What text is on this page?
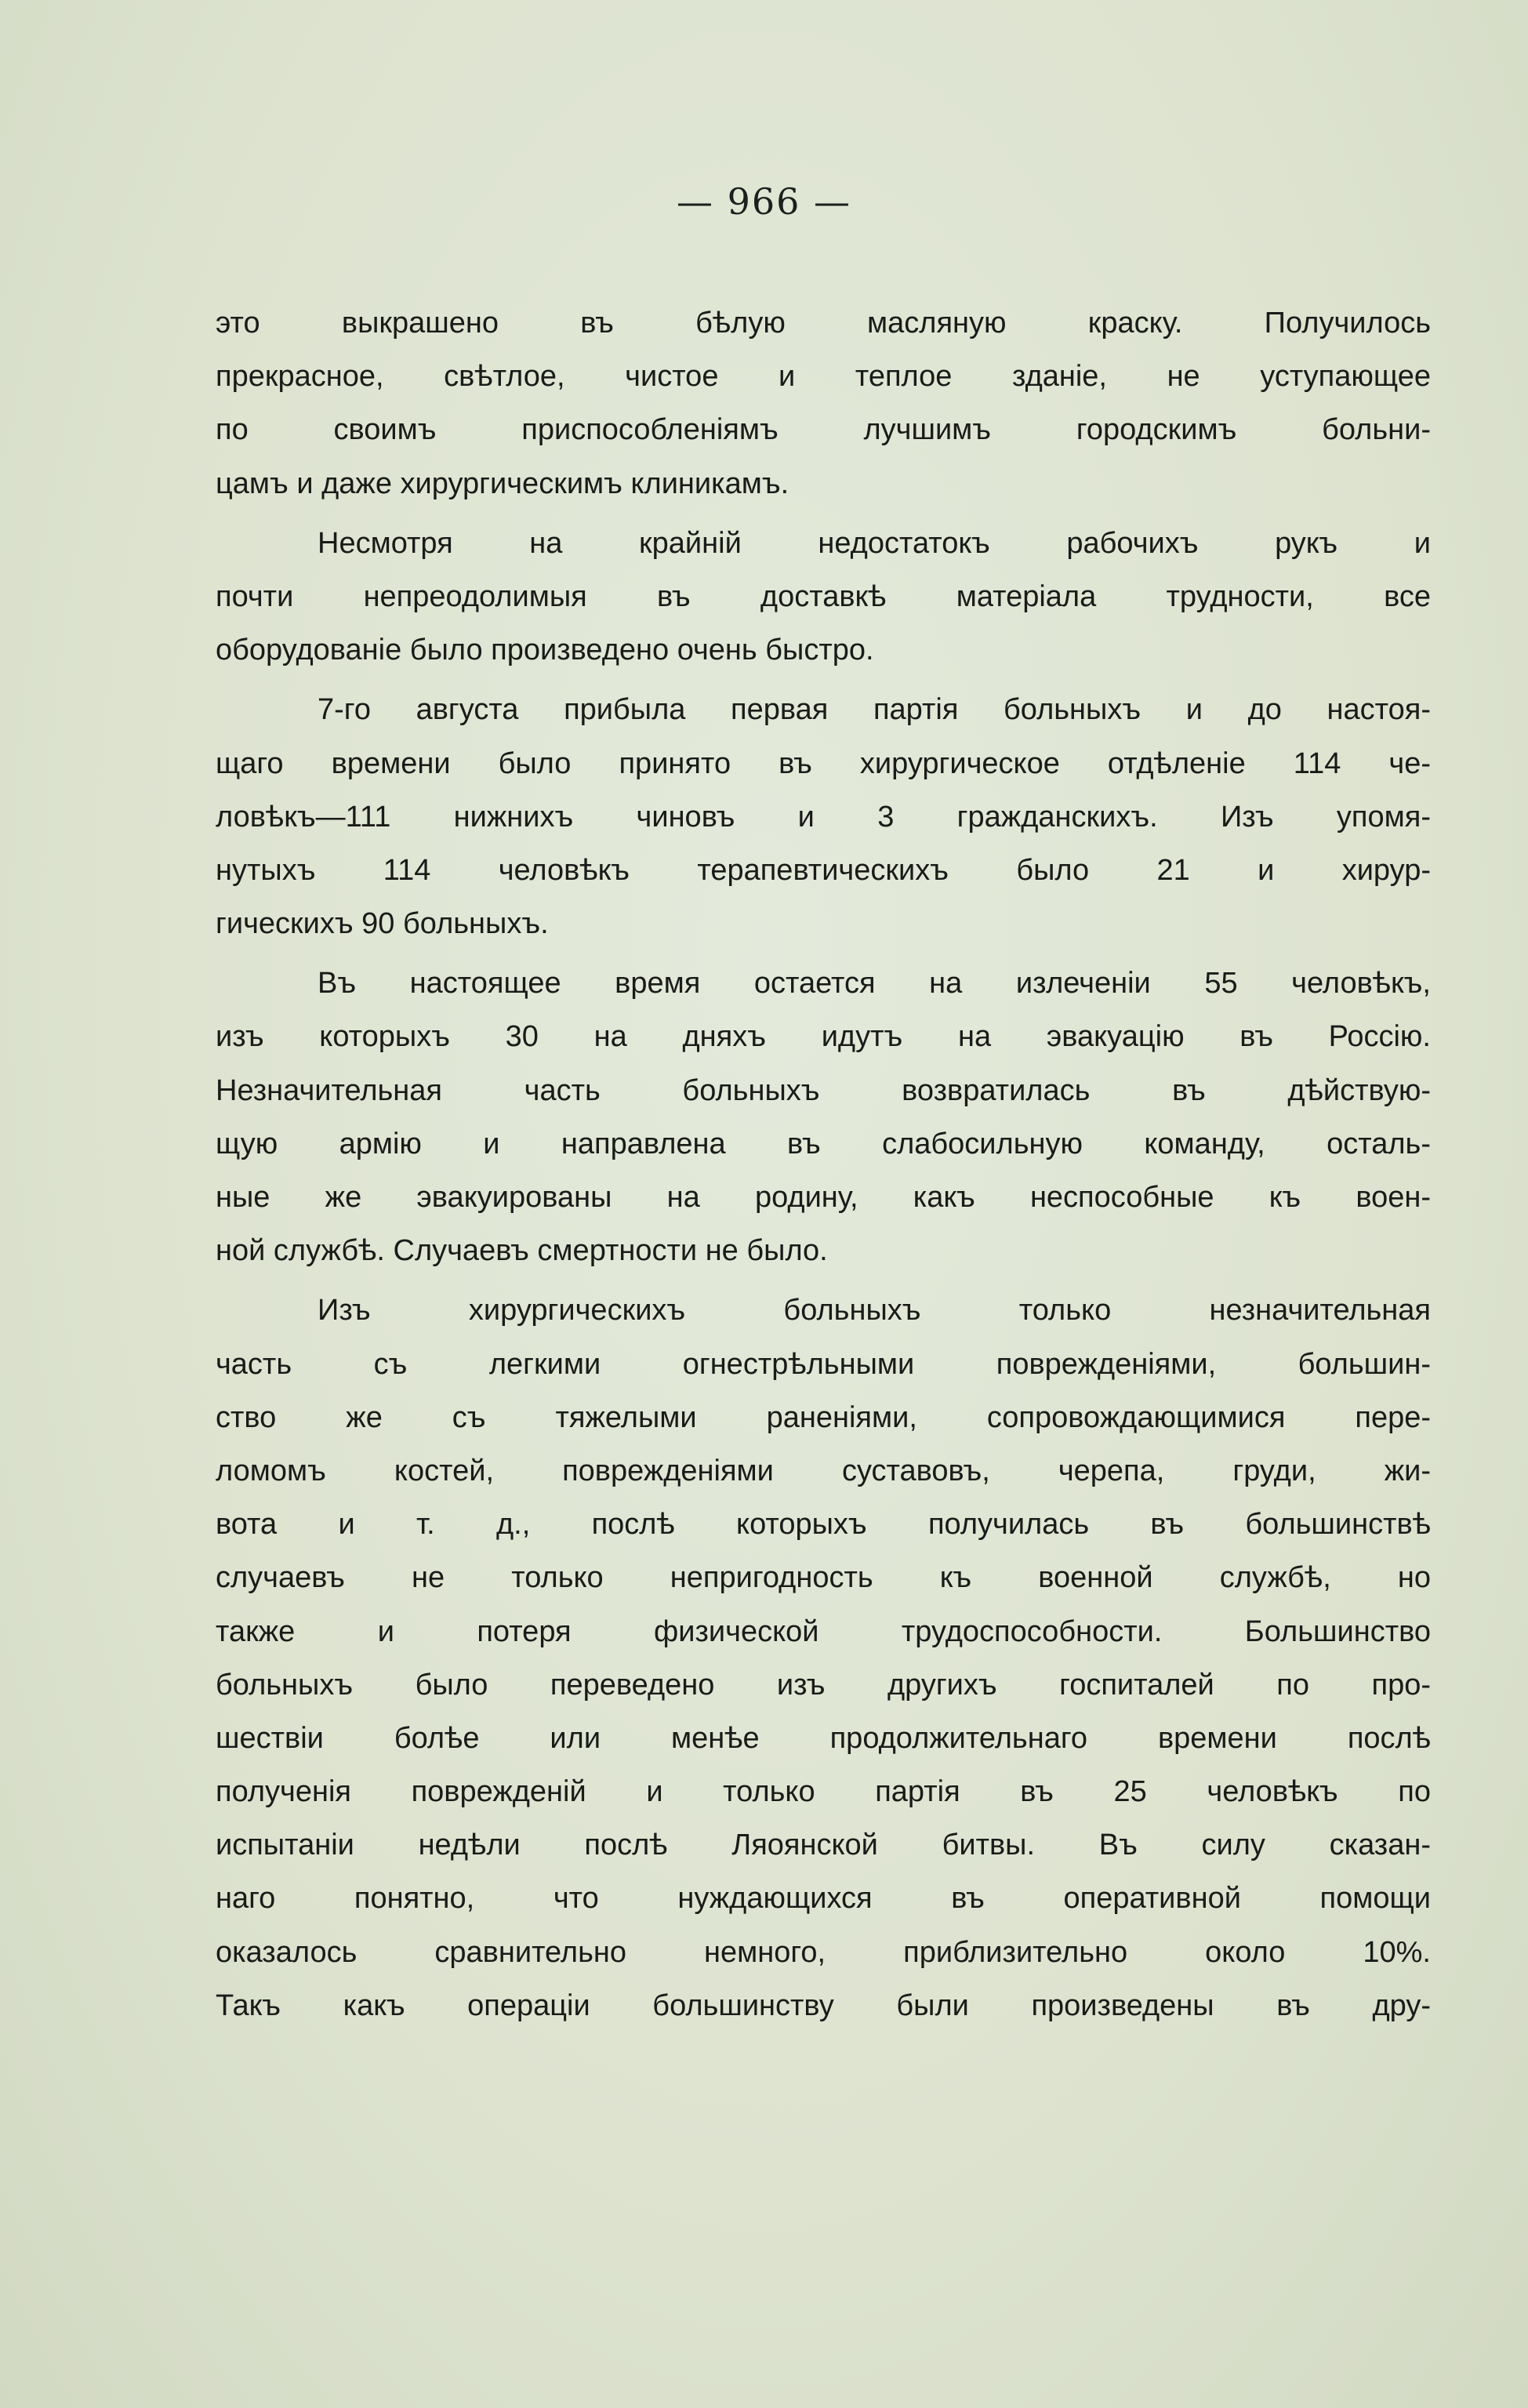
— 966 —
это выкрашено въ бѣлую масляную краску. Получилось
прекрасное, свѣтлое, чистое и теплое зданіе, не уступающее
по своимъ приспособленіямъ лучшимъ городскимъ больни-
цамъ и даже хирургическимъ клиникамъ.
Несмотря на крайній недостатокъ рабочихъ рукъ и
почти непреодолимыя въ доставкѣ матеріала трудности, все
оборудованіе было произведено очень быстро.
7-го августа прибыла первая партія больныхъ и до настоя-
щаго времени было принято въ хирургическое отдѣленіе 114 че-
ловѣкъ—111 нижнихъ чиновъ и 3 гражданскихъ. Изъ упомя-
нутыхъ 114 человѣкъ терапевтическихъ было 21 и хирур-
гическихъ 90 больныхъ.
Въ настоящее время остается на излеченіи 55 человѣкъ,
изъ которыхъ 30 на дняхъ идутъ на эвакуацію въ Россію.
Незначительная часть больныхъ возвратилась въ дѣйствую-
щую армію и направлена въ слабосильную команду, осталь-
ные же эвакуированы на родину, какъ неспособные къ воен-
ной службѣ. Случаевъ смертности не было.
Изъ хирургическихъ больныхъ только незначительная
часть съ легкими огнестрѣльными поврежденіями, большин-
ство же съ тяжелыми раненіями, сопровождающимися пере-
ломомъ костей, поврежденіями суставовъ, черепа, груди, жи-
вота и т. д., послѣ которыхъ получилась въ большинствѣ
случаевъ не только непригодность къ военной службѣ, но
также и потеря физической трудоспособности. Большинство
больныхъ было переведено изъ другихъ госпиталей по про-
шествіи болѣе или менѣе продолжительнаго времени послѣ
полученія поврежденій и только партія въ 25 человѣкъ по
испытаніи недѣли послѣ Ляоянской битвы. Въ силу сказан-
наго понятно, что нуждающихся въ оперативной помощи
оказалось сравнительно немного, приблизительно около 10%.
Такъ какъ операціи большинству были произведены въ дру-
